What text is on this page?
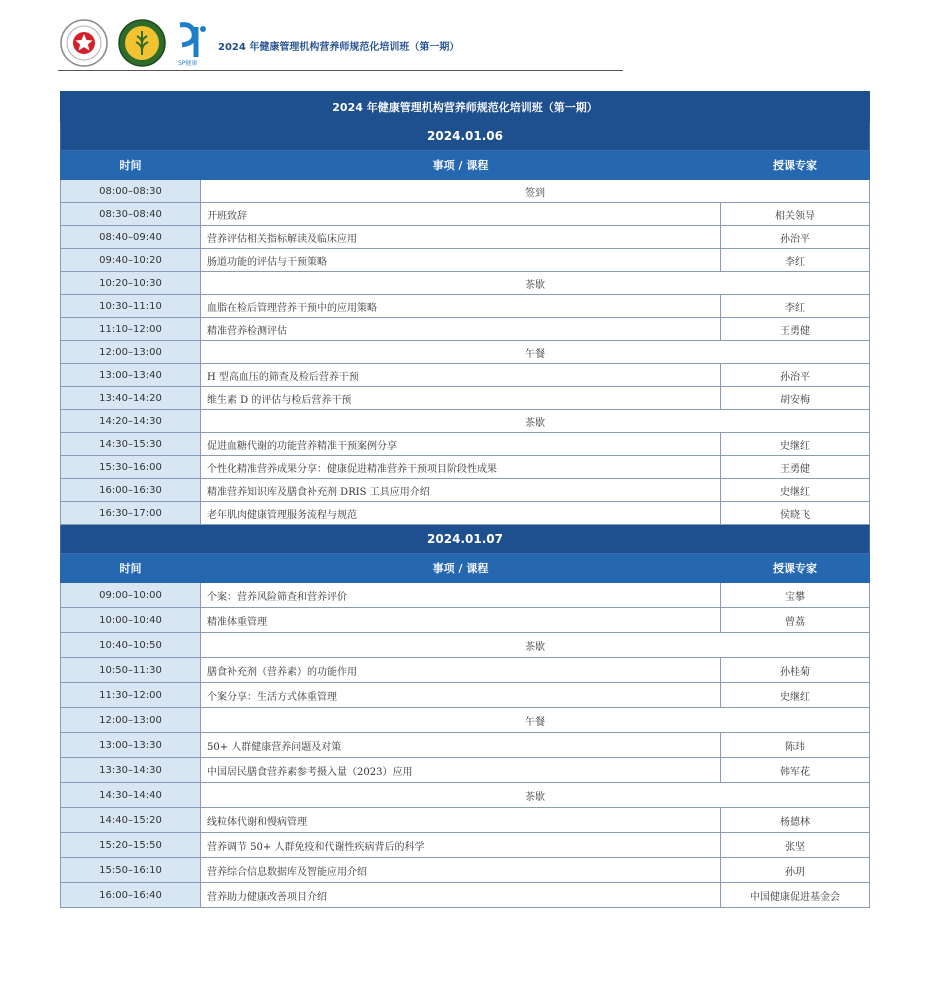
SP健康
2024 年健康管理机构营养师规范化培训班（第一期）
2024 年健康管理机构营养师规范化培训班（第一期）		
2024.01.06		
时间	事项 / 课程	授课专家
08:00–08:30	签到	
08:30–08:40	开班致辞	相关领导
08:40–09:40	营养评估相关指标解读及临床应用	孙治平
09:40–10:20	肠道功能的评估与干预策略	李红
10:20–10:30	茶歇	
10:30–11:10	血脂在检后管理营养干预中的应用策略	李红
11:10–12:00	精准营养检测评估	王勇健
12:00–13:00	午餐	
13:00–13:40	H 型高血压的筛查及检后营养干预	孙治平
13:40–14:20	维生素 D 的评估与检后营养干预	胡安梅
14:20–14:30	茶歇	
14:30–15:30	促进血糖代谢的功能营养精准干预案例分享	史继红
15:30–16:00	个性化精准营养成果分享：健康促进精准营养干预项目阶段性成果	王勇健
16:00–16:30	精准营养知识库及膳食补充剂 DRIS 工具应用介绍	史继红
16:30–17:00	老年肌肉健康管理服务流程与规范	侯晓飞
2024.01.07		
时间	事项 / 课程	授课专家
09:00–10:00	个案：营养风险筛查和营养评价	宝攀
10:00–10:40	精准体重管理	曾荔
10:40–10:50	茶歇	
10:50–11:30	膳食补充剂（营养素）的功能作用	孙桂菊
11:30–12:00	个案分享：生活方式体重管理	史继红
12:00–13:00	午餐	
13:00–13:30	50+ 人群健康营养问题及对策	陈玮
13:30–14:30	中国居民膳食营养素参考摄入量（2023）应用	韩军花
14:30–14:40	茶歇	
14:40–15:20	线粒体代谢和慢病管理	杨德林
15:20–15:50	营养调节 50+ 人群免疫和代谢性疾病背后的科学	张坚
15:50–16:10	营养综合信息数据库及智能应用介绍	孙玥
16:00–16:40	营养助力健康改善项目介绍	中国健康促进基金会
